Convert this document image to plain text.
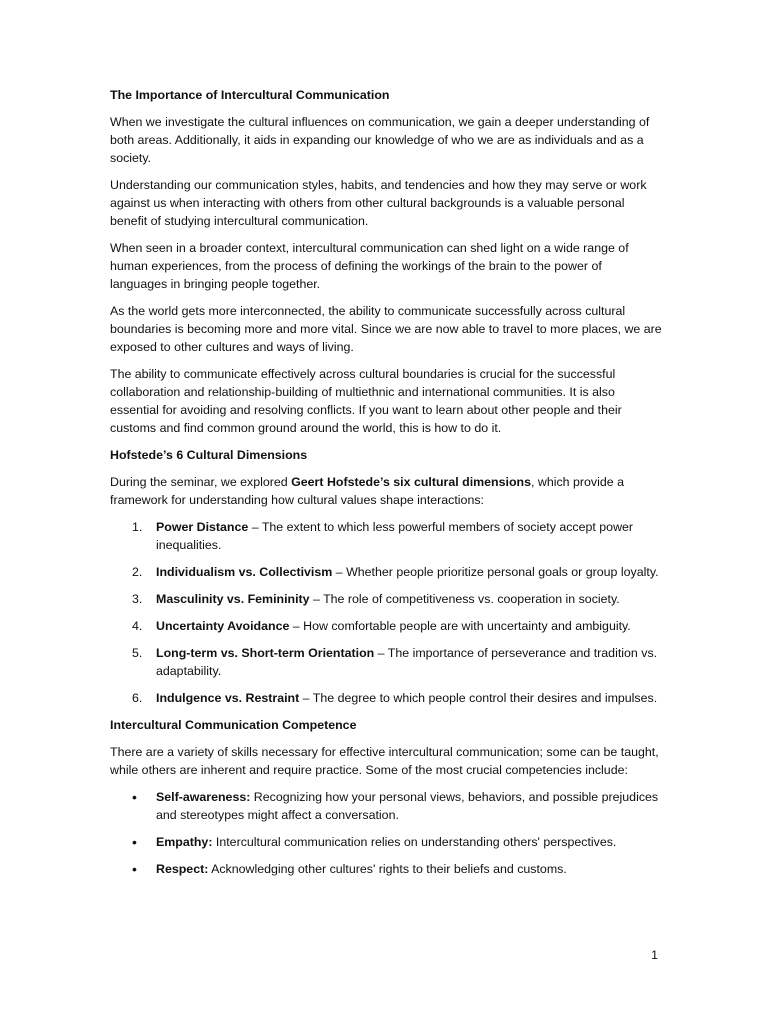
The Importance of Intercultural Communication

When we investigate the cultural influences on communication, we gain a deeper understanding of both areas. Additionally, it aids in expanding our knowledge of who we are as individuals and as a society.

Understanding our communication styles, habits, and tendencies and how they may serve or work against us when interacting with others from other cultural backgrounds is a valuable personal benefit of studying intercultural communication.

When seen in a broader context, intercultural communication can shed light on a wide range of human experiences, from the process of defining the workings of the brain to the power of languages in bringing people together.

As the world gets more interconnected, the ability to communicate successfully across cultural boundaries is becoming more and more vital. Since we are now able to travel to more places, we are exposed to other cultures and ways of living.

The ability to communicate effectively across cultural boundaries is crucial for the successful collaboration and relationship-building of multiethnic and international communities. It is also essential for avoiding and resolving conflicts. If you want to learn about other people and their customs and find common ground around the world, this is how to do it.

Hofstede’s 6 Cultural Dimensions

During the seminar, we explored Geert Hofstede’s six cultural dimensions, which provide a framework for understanding how cultural values shape interactions:

1. Power Distance – The extent to which less powerful members of society accept power inequalities.
2. Individualism vs. Collectivism – Whether people prioritize personal goals or group loyalty.
3. Masculinity vs. Femininity – The role of competitiveness vs. cooperation in society.
4. Uncertainty Avoidance – How comfortable people are with uncertainty and ambiguity.
5. Long-term vs. Short-term Orientation – The importance of perseverance and tradition vs. adaptability.
6. Indulgence vs. Restraint – The degree to which people control their desires and impulses.

Intercultural Communication Competence

There are a variety of skills necessary for effective intercultural communication; some can be taught, while others are inherent and require practice. Some of the most crucial competencies include:

• Self-awareness: Recognizing how your personal views, behaviors, and possible prejudices and stereotypes might affect a conversation.
• Empathy: Intercultural communication relies on understanding others' perspectives.
• Respect: Acknowledging other cultures' rights to their beliefs and customs.
1
